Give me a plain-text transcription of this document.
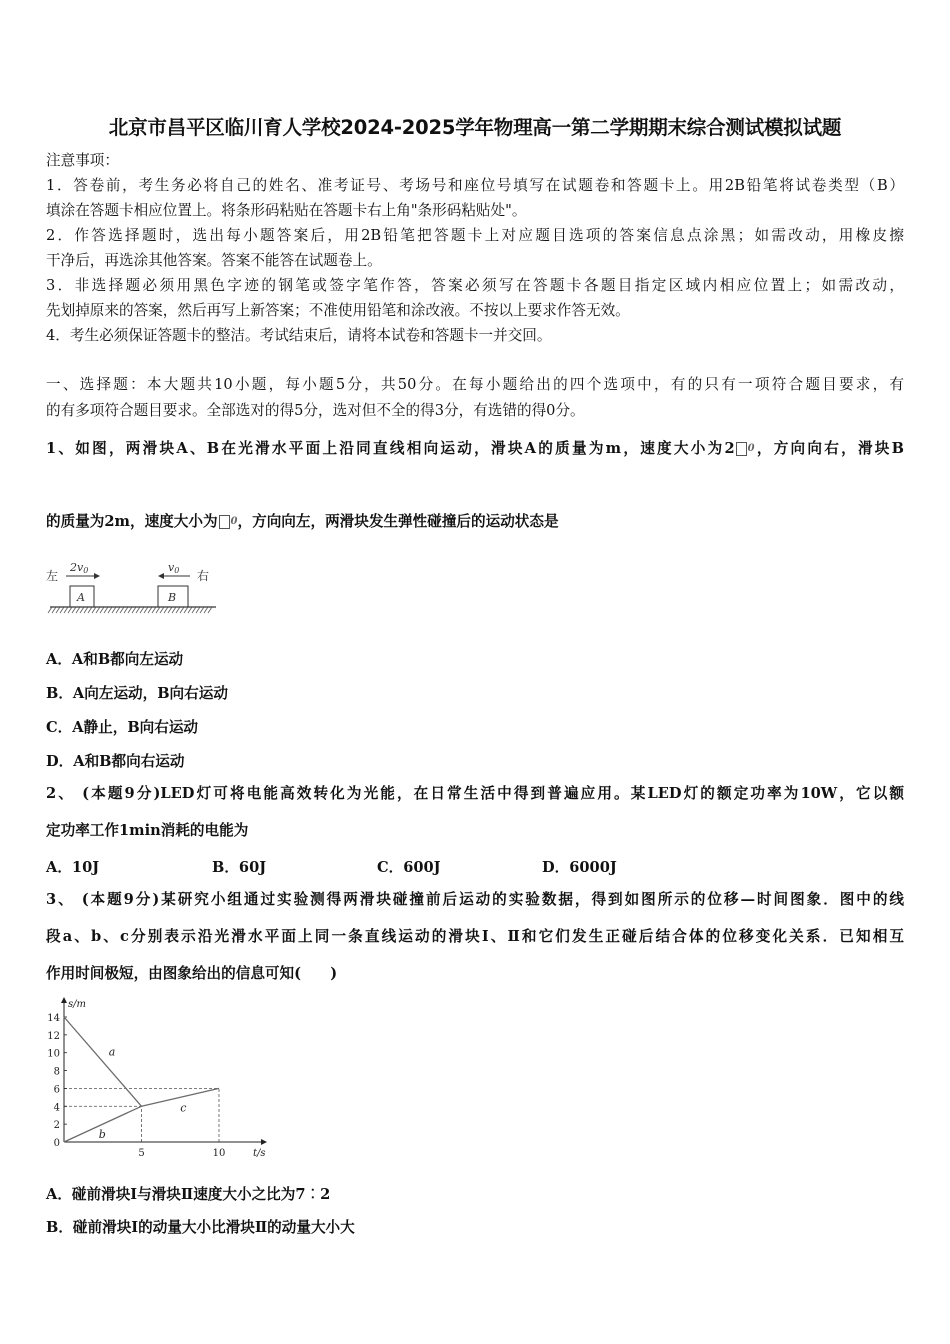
北京市昌平区临川育人学校2024-2025学年物理高一第二学期期末综合测试模拟试题
注意事项：
1．答卷前，考生务必将自己的姓名、准考证号、考场号和座位号填写在试题卷和答题卡上。用2B铅笔将试卷类型（B）
填涂在答题卡相应位置上。将条形码粘贴在答题卡右上角"条形码粘贴处"。
2．作答选择题时，选出每小题答案后，用2B铅笔把答题卡上对应题目选项的答案信息点涂黑；如需改动，用橡皮擦
干净后，再选涂其他答案。答案不能答在试题卷上。
3．非选择题必须用黑色字迹的钢笔或签字笔作答，答案必须写在答题卡各题目指定区域内相应位置上；如需改动，
先划掉原来的答案，然后再写上新答案；不准使用铅笔和涂改液。不按以上要求作答无效。
4．考生必须保证答题卡的整洁。考试结束后，请将本试卷和答题卡一并交回。
一、选择题：本大题共10小题，每小题5分，共50分。在每小题给出的四个选项中，有的只有一项符合题目要求，有
的有多项符合题目要求。全部选对的得5分，选对但不全的得3分，有选错的得0分。
1、如图，两滑块A、B在光滑水平面上沿同直线相向运动，滑块A的质量为m，速度大小为2 0，方向向右，滑块B
的质量为2m，速度大小为 0，方向向左，两滑块发生弹性碰撞后的运动状态是
左	右
2v0	v0
A	B
A．A和B都向左运动
B．A向左运动，B向右运动
C．A静止，B向右运动
D．A和B都向右运动
2、 (本题9分)LED灯可将电能高效转化为光能，在日常生活中得到普遍应用。某LED灯的额定功率为10W，它以额
定功率工作1min消耗的电能为
A．10J	B．60J	C．600J	D．6000J
3、 (本题9分)某研究小组通过实验测得两滑块碰撞前后运动的实验数据，得到如图所示的位移—时间图象．图中的线
段a、b、c分别表示沿光滑水平面上同一条直线运动的滑块Ⅰ、Ⅱ和它们发生正碰后结合体的位移变化关系．已知相互
作用时间极短，由图象给出的信息可知(　　)
s/m
t/s
0
2
4
6
8
10
12
14
5	10
a
b
c
A．碰前滑块Ⅰ与滑块Ⅱ速度大小之比为7︰2
B．碰前滑块Ⅰ的动量大小比滑块Ⅱ的动量大小大
